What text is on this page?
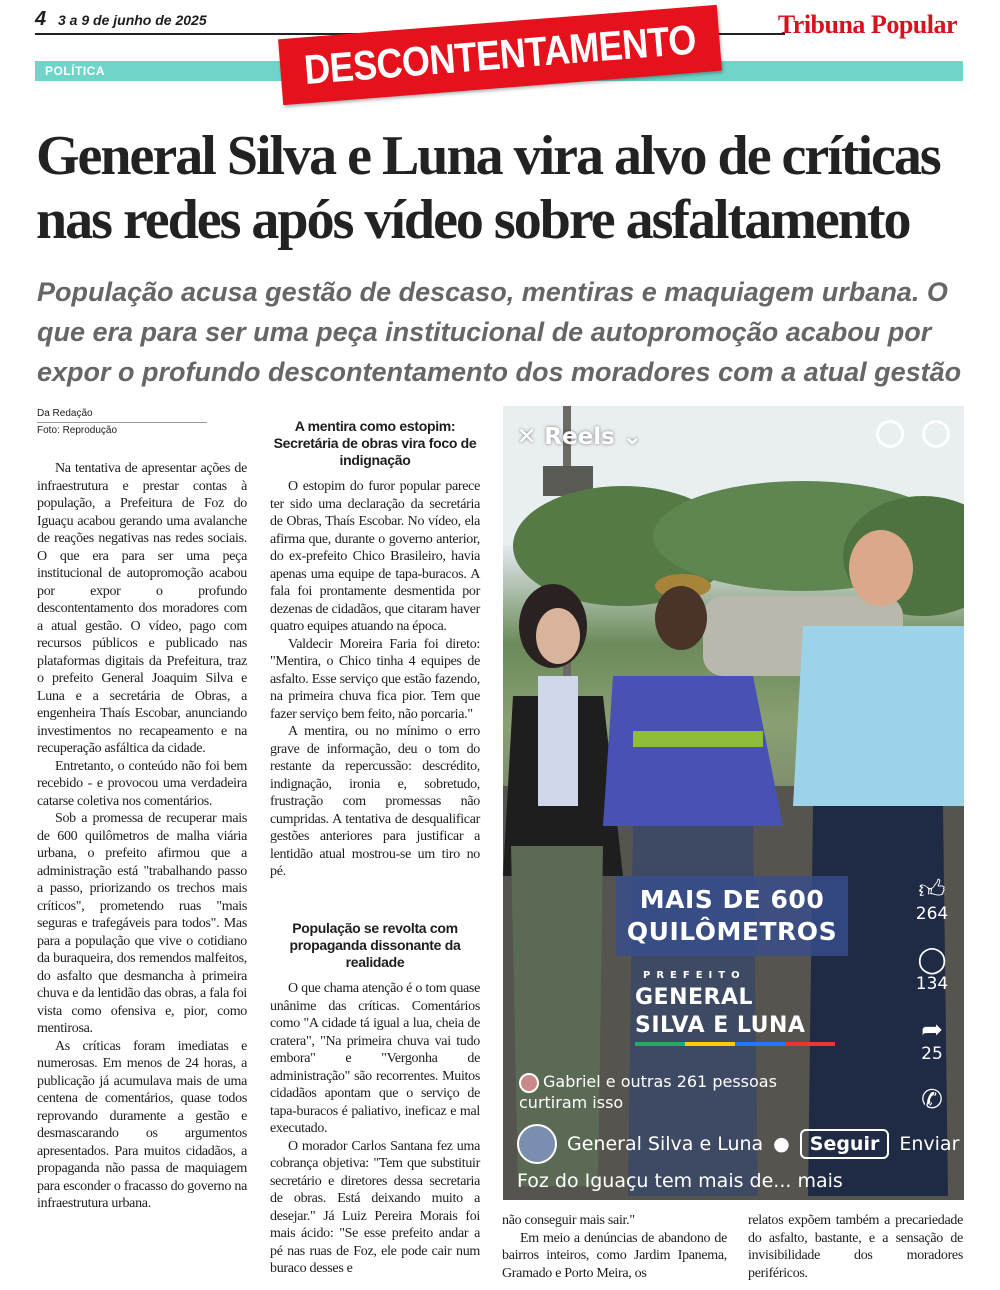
4 3 a 9 de junho de 2025	Tribuna Popular
POLÍTICA	DESCONTENTAMENTO
General Silva e Luna vira alvo de críticas
nas redes após vídeo sobre asfaltamento
População acusa gestão de descaso, mentiras e maquiagem urbana. O que era para ser uma peça institucional de autopromoção acabou por expor o profundo descontentamento dos moradores com a atual gestão
Da Redação
Foto: Reprodução

Na tentativa de apresentar ações de infraestrutura e prestar contas à população, a Prefeitura de Foz do Iguaçu acabou gerando uma avalanche de reações negativas nas redes sociais. O que era para ser uma peça institucional de autopromoção acabou por expor o profundo descontentamento dos moradores com a atual gestão. O vídeo, pago com recursos públicos e publicado nas plataformas digitais da Prefeitura, traz o prefeito General Joaquim Silva e Luna e a secretária de Obras, a engenheira Thaís Escobar, anunciando investimentos no recapeamento e na recuperação asfáltica da cidade.

Entretanto, o conteúdo não foi bem recebido - e provocou uma verdadeira catarse coletiva nos comentários.

Sob a promessa de recuperar mais de 600 quilômetros de malha viária urbana, o prefeito afirmou que a administração está "trabalhando passo a passo, priorizando os trechos mais críticos", prometendo ruas "mais seguras e trafegáveis para todos". Mas para a população que vive o cotidiano da buraqueira, dos remendos malfeitos, do asfalto que desmancha à primeira chuva e da lentidão das obras, a fala foi vista como ofensiva e, pior, como mentirosa.

As críticas foram imediatas e numerosas. Em menos de 24 horas, a publicação já acumulava mais de uma centena de comentários, quase todos reprovando duramente a gestão e desmascarando os argumentos apresentados. Para muitos cidadãos, a propaganda não passa de maquiagem para esconder o fracasso do governo na infraestrutura urbana.

A mentira como estopim: Secretária de obras vira foco de indignação

O estopim do furor popular parece ter sido uma declaração da secretária de Obras, Thaís Escobar. No vídeo, ela afirma que, durante o governo anterior, do ex-prefeito Chico Brasileiro, havia apenas uma equipe de tapa-buracos. A fala foi prontamente desmentida por dezenas de cidadãos, que citaram haver quatro equipes atuando na época.

Valdecir Moreira Faria foi direto: "Mentira, o Chico tinha 4 equipes de asfalto. Esse serviço que estão fazendo, na primeira chuva fica pior. Tem que fazer serviço bem feito, não porcaria."

A mentira, ou no mínimo o erro grave de informação, deu o tom do restante da repercussão: descrédito, indignação, ironia e, sobretudo, frustração com promessas não cumpridas. A tentativa de desqualificar gestões anteriores para justificar a lentidão atual mostrou-se um tiro no pé.

População se revolta com propaganda dissonante da realidade

O que chama atenção é o tom quase unânime das críticas. Comentários como "A cidade tá igual a lua, cheia de cratera", "Na primeira chuva vai tudo embora" e "Vergonha de administração" são recorrentes. Muitos cidadãos apontam que o serviço de tapa-buracos é paliativo, ineficaz e mal executado.

O morador Carlos Santana fez uma cobrança objetiva: "Tem que substituir secretário e diretores dessa secretaria de obras. Está deixando muito a desejar." Já Luiz Pereira Morais foi mais ácido: "Se esse prefeito andar a pé nas ruas de Foz, ele pode cair num buraco desses e

✕ Reels ⌄
MAIS DE 600
QUILÔMETROS
PREFEITO
GENERAL
SILVA E LUNA
👍︎
264
◯
134
➦
25
✆
Gabriel e outras 261 pessoas curtiram isso
General Silva e Luna ●	Seguir	Enviar
Foz do Iguaçu tem mais de... mais

não conseguir mais sair."

Em meio a denúncias de abandono de bairros inteiros, como Jardim Ipanema, Gramado e Porto Meira, os

relatos expõem também a precariedade do asfalto, bastante, e a sensação de invisibilidade dos moradores periféricos.
